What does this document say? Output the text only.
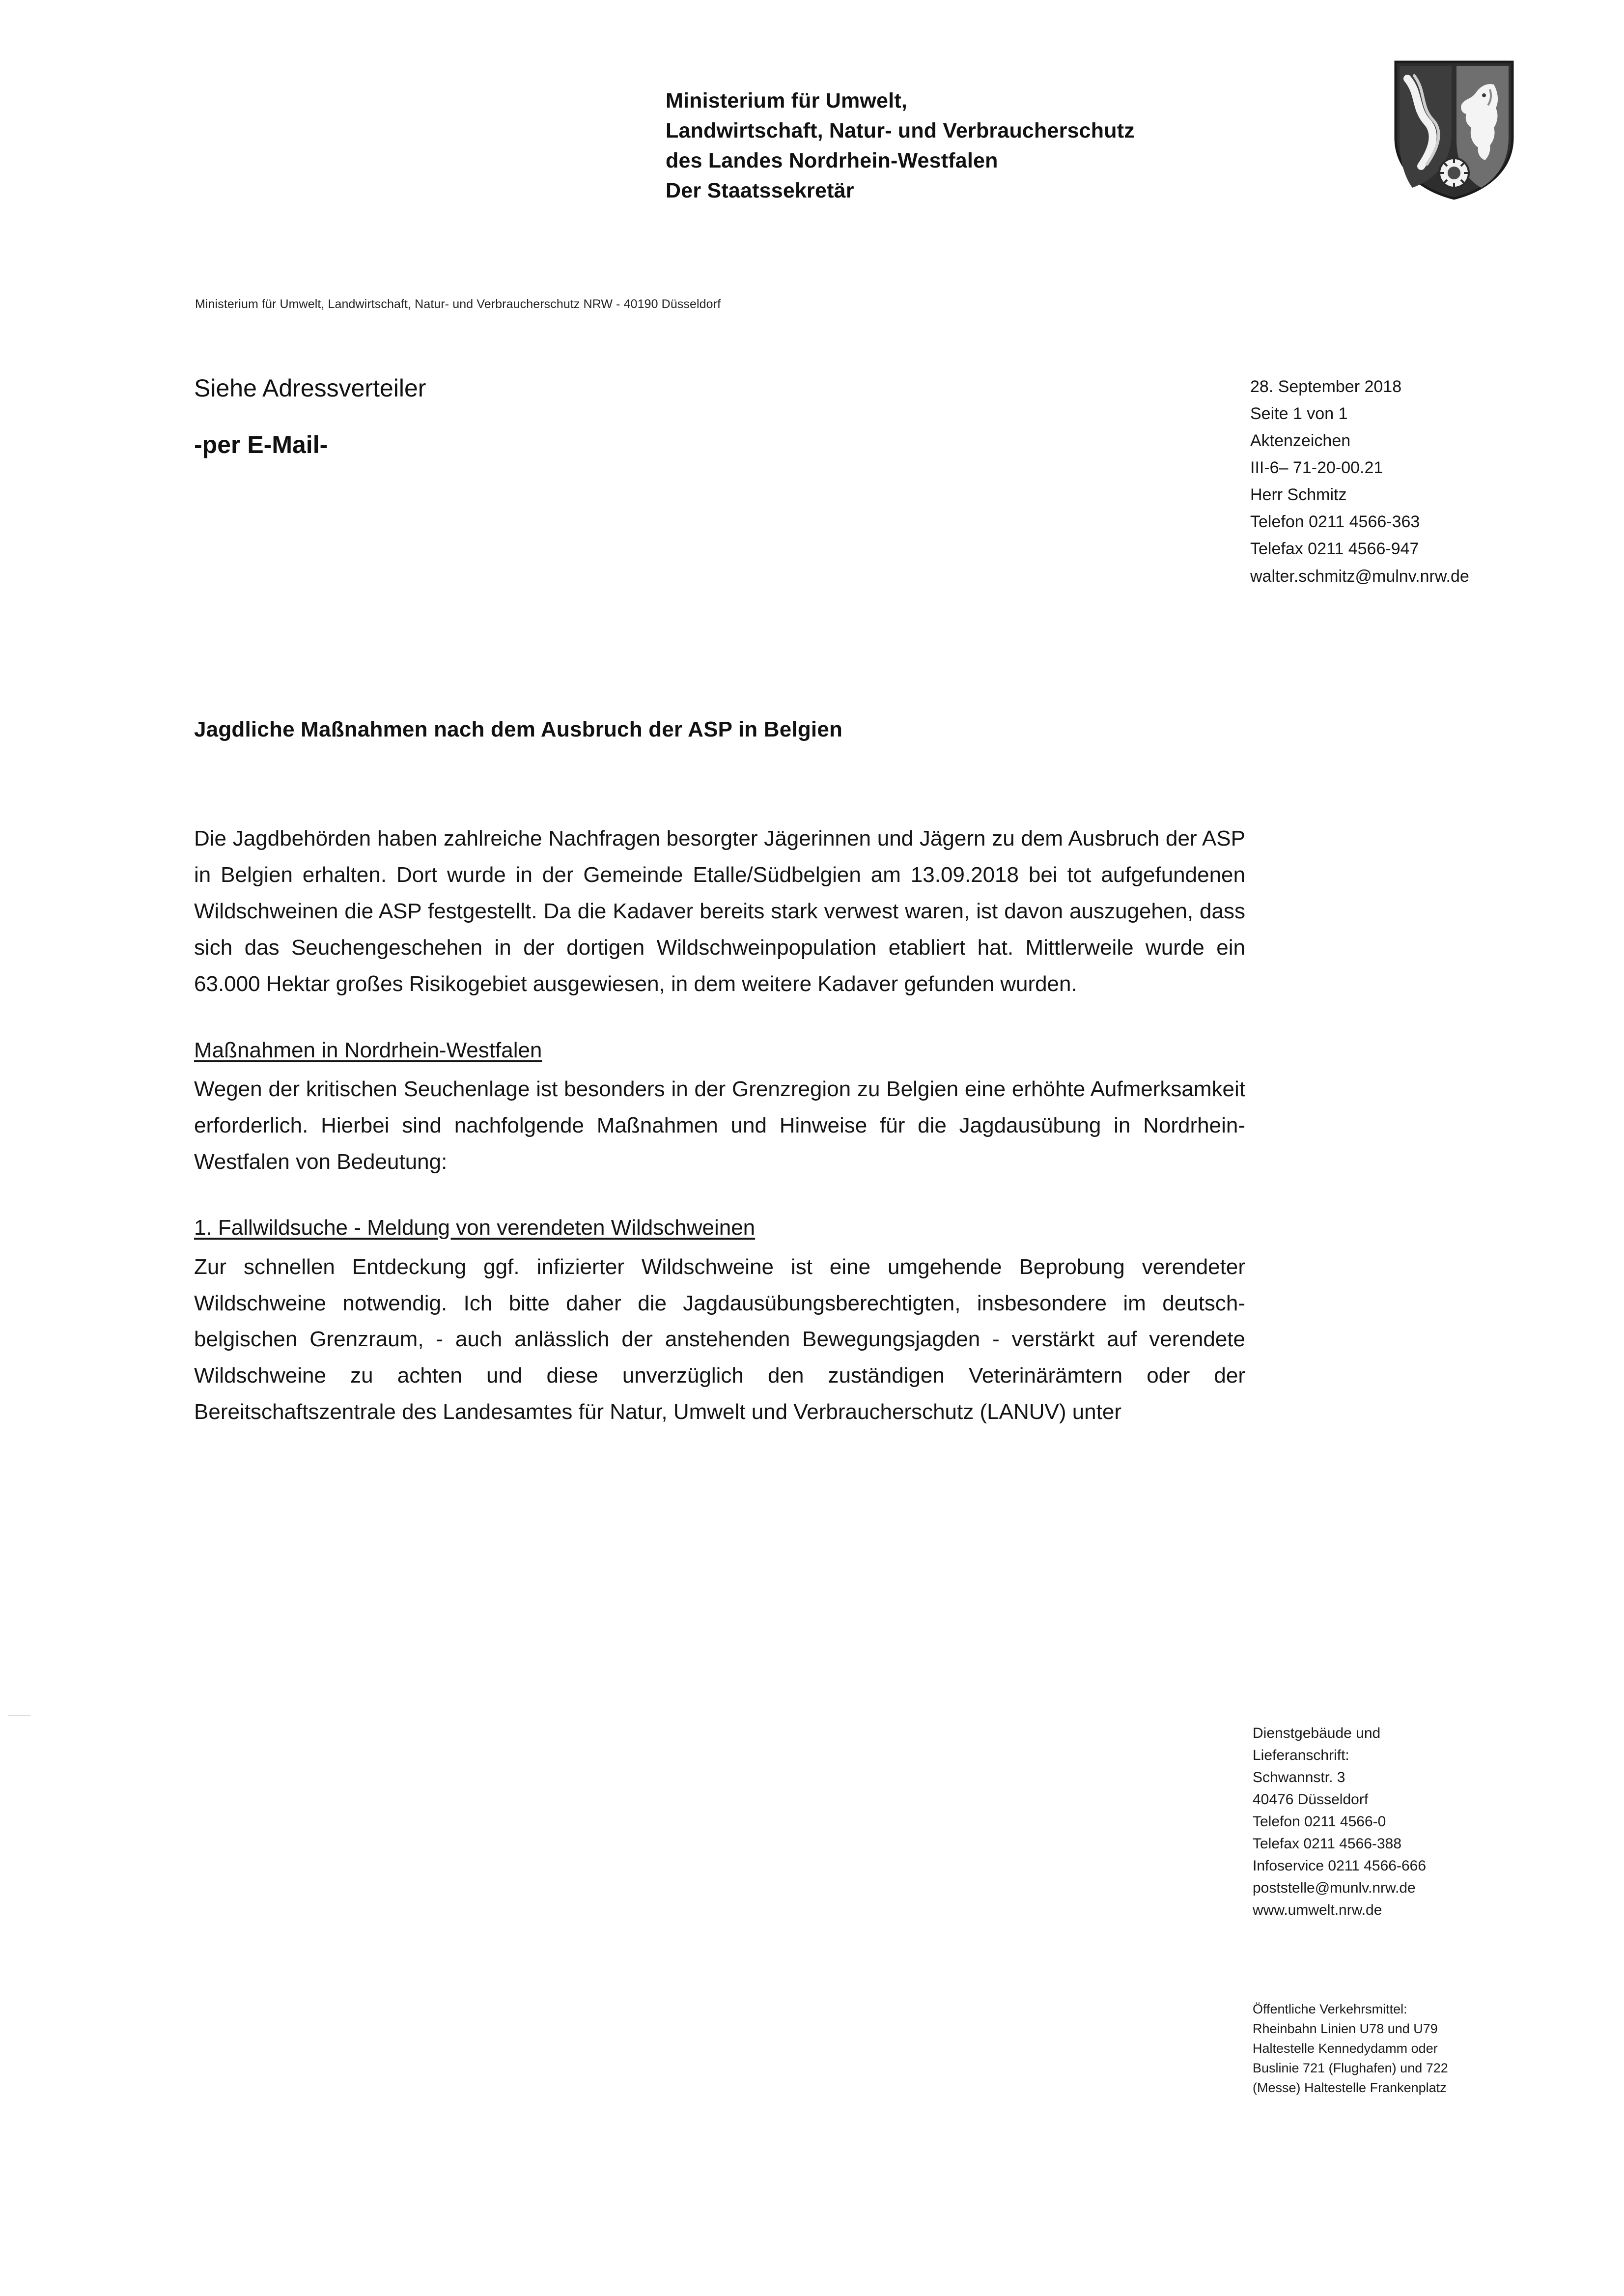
Ministerium für Umwelt,
Landwirtschaft, Natur- und Verbraucherschutz
des Landes Nordrhein-Westfalen
Der Staatssekretär
Ministerium für Umwelt, Landwirtschaft, Natur- und Verbraucherschutz NRW - 40190 Düsseldorf
Siehe Adressverteiler
-per E-Mail-
28. September 2018
Seite 1 von 1
Aktenzeichen
III-6– 71-20-00.21
Herr Schmitz
Telefon 0211 4566-363
Telefax 0211 4566-947
walter.schmitz@mulnv.nrw.de
Jagdliche Maßnahmen nach dem Ausbruch der ASP in Belgien

Die Jagdbehörden haben zahlreiche Nachfragen besorgter Jägerinnen und Jägern zu dem Ausbruch der ASP in Belgien erhalten. Dort wurde in der Gemeinde Etalle/Südbelgien am 13.09.2018 bei tot aufgefundenen Wildschweinen die ASP festgestellt. Da die Kadaver bereits stark verwest waren, ist davon auszugehen, dass sich das Seuchengeschehen in der dortigen Wildschweinpopulation etabliert hat. Mittlerweile wurde ein 63.000 Hektar großes Risikogebiet ausgewiesen, in dem weitere Kadaver gefunden wurden.

Maßnahmen in Nordrhein-Westfalen

Wegen der kritischen Seuchenlage ist besonders in der Grenzregion zu Belgien eine erhöhte Aufmerksamkeit erforderlich. Hierbei sind nachfolgende Maßnahmen und Hinweise für die Jagdausübung in Nordrhein-Westfalen von Bedeutung:

1. Fallwildsuche - Meldung von verendeten Wildschweinen

Zur schnellen Entdeckung ggf. infizierter Wildschweine ist eine umgehende Beprobung verendeter Wildschweine notwendig. Ich bitte daher die Jagdausübungsberechtigten, insbesondere im deutsch-belgischen Grenzraum, - auch anlässlich der anstehenden Bewegungsjagden - verstärkt auf verendete Wildschweine zu achten und diese unverzüglich den zuständigen Veterinärämtern oder der Bereitschaftszentrale des Landesamtes für Natur, Umwelt und Verbraucherschutz (LANUV) unter

Dienstgebäude und
Lieferanschrift:
Schwannstr. 3
40476 Düsseldorf
Telefon 0211 4566-0
Telefax 0211 4566-388
Infoservice 0211 4566-666
poststelle@munlv.nrw.de
www.umwelt.nrw.de
Öffentliche Verkehrsmittel:
Rheinbahn Linien U78 und U79
Haltestelle Kennedydamm oder
Buslinie 721 (Flughafen) und 722
(Messe) Haltestelle Frankenplatz
